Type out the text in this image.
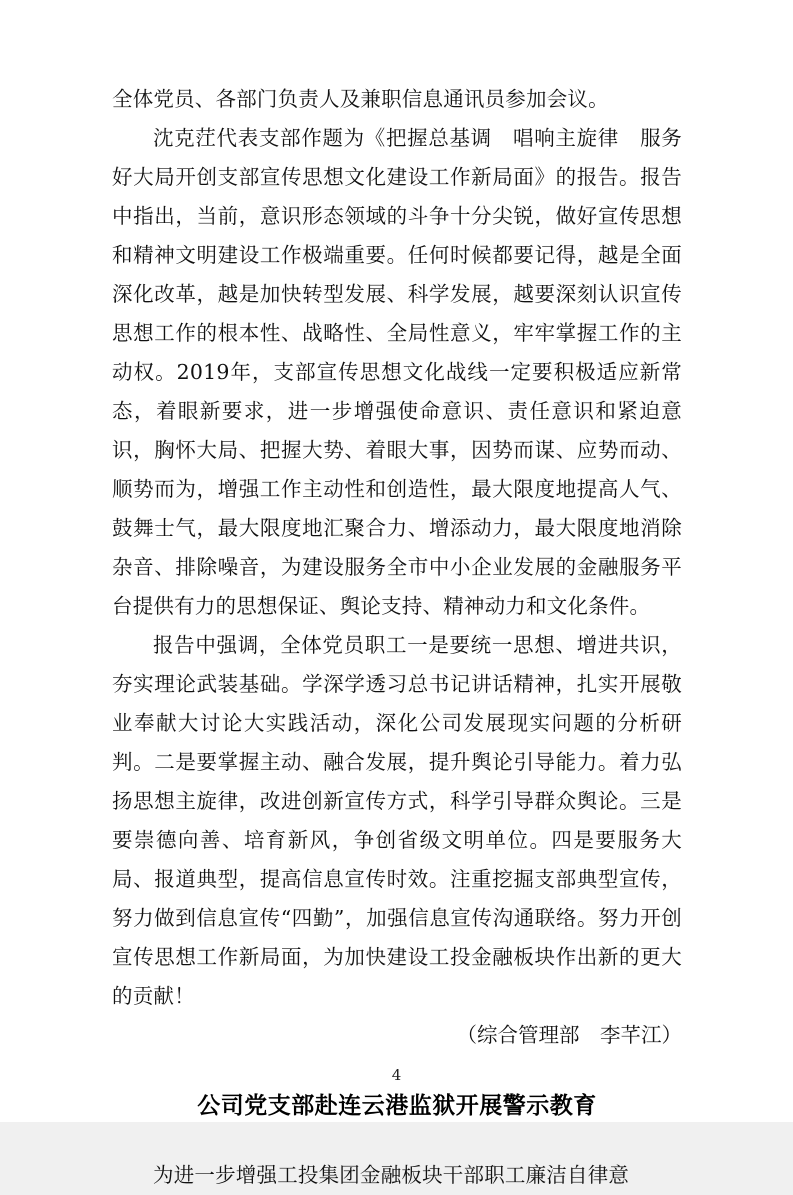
全体党员、各部门负责人及兼职信息通讯员参加会议。

沈克茳代表支部作题为《把握总基调　唱响主旋律　服务好大局开创支部宣传思想文化建设工作新局面》的报告。报告中指出，当前，意识形态领域的斗争十分尖锐，做好宣传思想和精神文明建设工作极端重要。任何时候都要记得，越是全面深化改革，越是加快转型发展、科学发展，越要深刻认识宣传思想工作的根本性、战略性、全局性意义，牢牢掌握工作的主动权。2019年，支部宣传思想文化战线一定要积极适应新常态，着眼新要求，进一步增强使命意识、责任意识和紧迫意识，胸怀大局、把握大势、着眼大事，因势而谋、应势而动、顺势而为，增强工作主动性和创造性，最大限度地提高人气、鼓舞士气，最大限度地汇聚合力、增添动力，最大限度地消除杂音、排除噪音，为建设服务全市中小企业发展的金融服务平台提供有力的思想保证、舆论支持、精神动力和文化条件。

报告中强调，全体党员职工一是要统一思想、增进共识，夯实理论武装基础。学深学透习总书记讲话精神，扎实开展敬业奉献大讨论大实践活动，深化公司发展现实问题的分析研判。二是要掌握主动、融合发展，提升舆论引导能力。着力弘扬思想主旋律，改进创新宣传方式，科学引导群众舆论。三是要崇德向善、培育新风，争创省级文明单位。四是要服务大局、报道典型，提高信息宣传时效。注重挖掘支部典型宣传，努力做到信息宣传“四勤”，加强信息宣传沟通联络。努力开创宣传思想工作新局面，为加快建设工投金融板块作出新的更大的贡献！

（综合管理部　李芊江）

公司党支部赴连云港监狱开展警示教育

为进一步增强工投集团金融板块干部职工廉洁自律意

4
